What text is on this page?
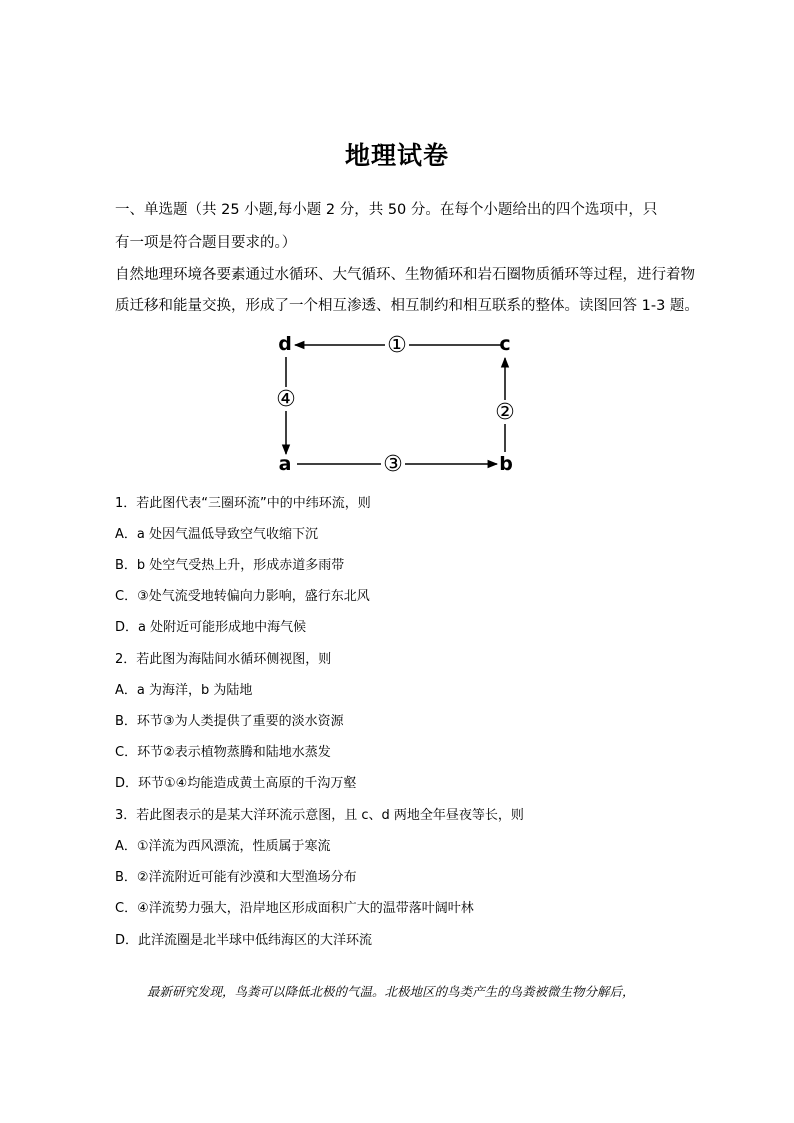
地理试卷
一、单选题（共 25 小题,每小题 2 分，共 50 分。在每个小题给出的四个选项中，只
有一项是符合题目要求的。）
自然地理环境各要素通过水循环、大气循环、生物循环和岩石圈物质循环等过程，进行着物
质迁移和能量交换，形成了一个相互渗透、相互制约和相互联系的整体。读图回答 1-3 题。
d	c
a	b
①
②
③
④
1．若此图代表“三圈环流”中的中纬环流，则
A．a 处因气温低导致空气收缩下沉
B．b 处空气受热上升，形成赤道多雨带
C．③处气流受地转偏向力影响，盛行东北风
D．a 处附近可能形成地中海气候
2．若此图为海陆间水循环侧视图，则
A．a 为海洋，b 为陆地
B．环节③为人类提供了重要的淡水资源
C．环节②表示植物蒸腾和陆地水蒸发
D．环节①④均能造成黄土高原的千沟万壑
3．若此图表示的是某大洋环流示意图，且 c、d 两地全年昼夜等长，则
A．①洋流为西风漂流，性质属于寒流
B．②洋流附近可能有沙漠和大型渔场分布
C．④洋流势力强大，沿岸地区形成面积广大的温带落叶阔叶林
D．此洋流圈是北半球中低纬海区的大洋环流
最新研究发现，鸟粪可以降低北极的气温。北极地区的鸟类产生的鸟粪被微生物分解后，
